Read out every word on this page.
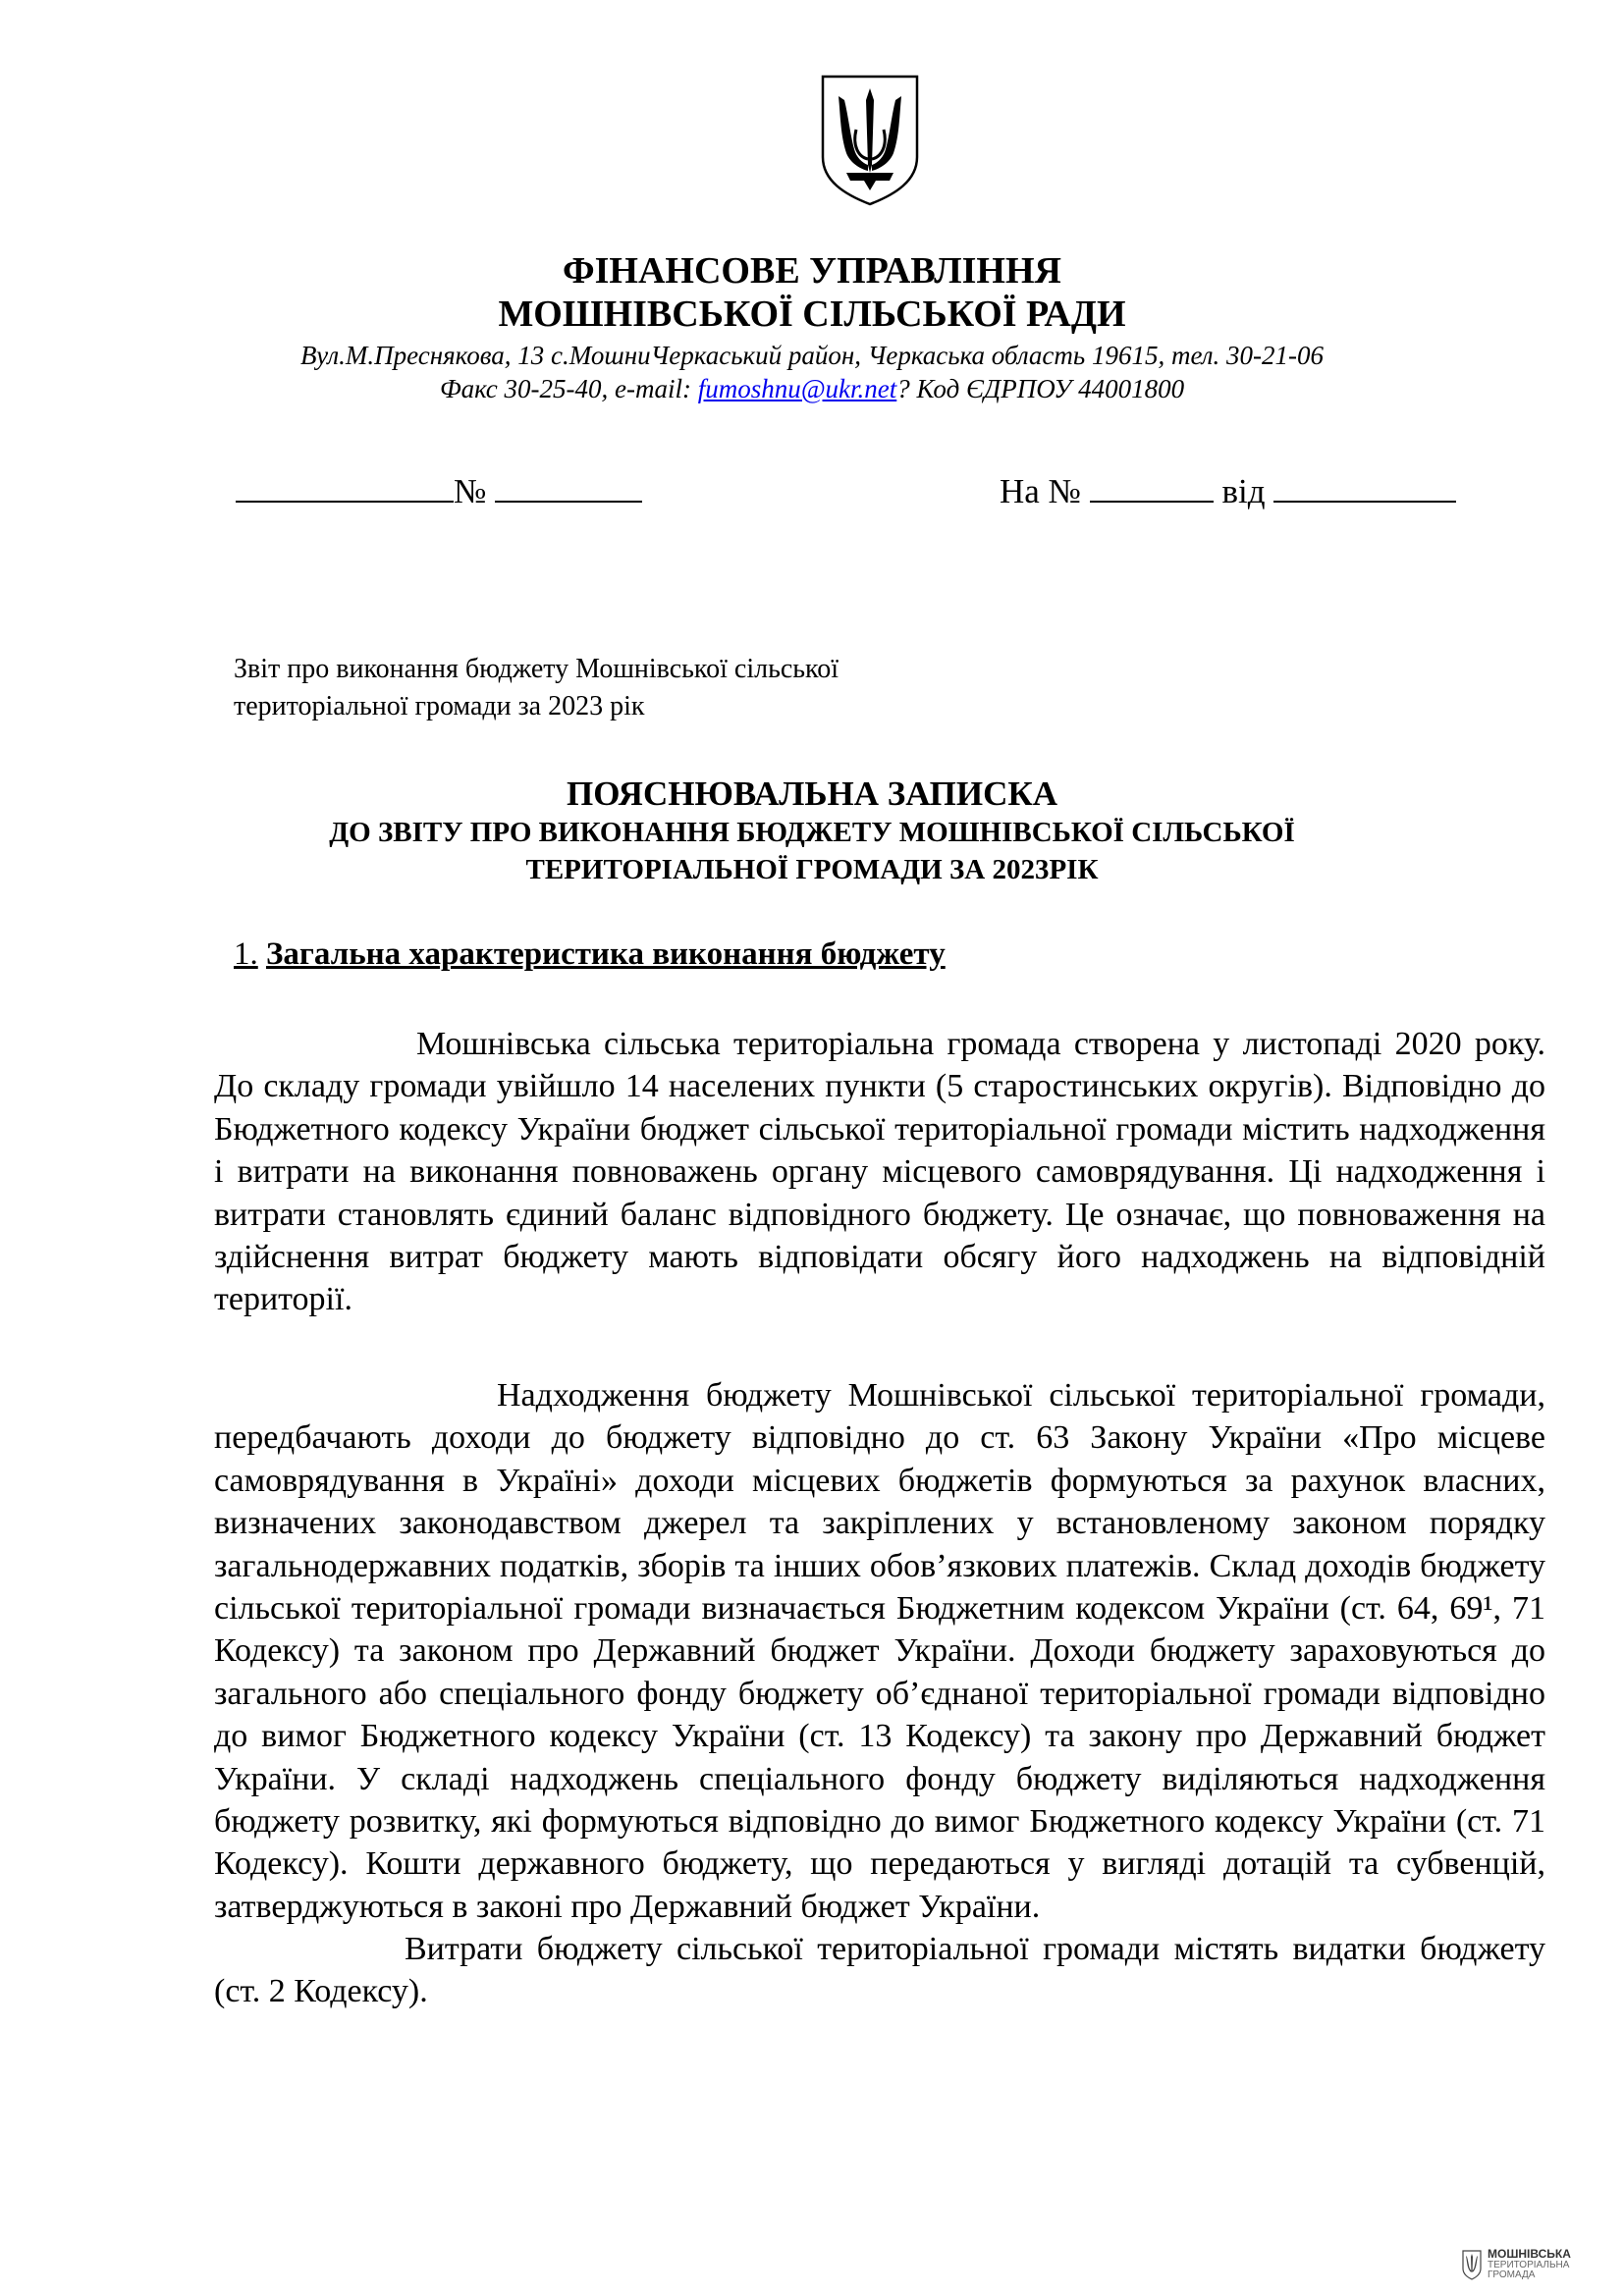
ФІНАНСОВЕ УПРАВЛІННЯ
МОШНІВСЬКОЇ СІЛЬСЬКОЇ РАДИ
Вул.М.Преснякова, 13 с.МошниЧеркаський район, Черкаська область 19615, тел. 30-21-06
Факс 30-25-40, e-mail: fumoshnu@ukr.net? Код ЄДРПОУ 44001800
№	На №	від
Звіт про виконання бюджету Мошнівської сільської
територіальної громади за 2023 рік
ПОЯСНЮВАЛЬНА ЗАПИСКА
ДО ЗВІТУ ПРО ВИКОНАННЯ БЮДЖЕТУ МОШНІВСЬКОЇ СІЛЬСЬКОЇ
ТЕРИТОРІАЛЬНОЇ ГРОМАДИ ЗА 2023РІК
1. Загальна характеристика виконання бюджету
Мошнівська сільська територіальна громада створена у листопаді 2020 року. До складу громади увійшло 14 населених пункти (5 старостинських округів). Відповідно до Бюджетного кодексу України бюджет сільської територіальної громади містить надходження і витрати на виконання повноважень органу місцевого самоврядування. Ці надходження і витрати становлять єдиний баланс відповідного бюджету. Це означає, що повноваження на здійснення витрат бюджету мають відповідати обсягу його надходжень на відповідній території.
Надходження бюджету Мошнівської сільської територіальної громади, передбачають доходи до бюджету відповідно до ст. 63 Закону України «Про місцеве самоврядування в Україні» доходи місцевих бюджетів формуються за рахунок власних, визначених законодавством джерел та закріплених у встановленому законом порядку загальнодержавних податків, зборів та інших обов’язкових платежів. Склад доходів бюджету сільської територіальної громади визначається Бюджетним кодексом України (ст. 64, 69¹, 71 Кодексу) та законом про Державний бюджет України. Доходи бюджету зараховуються до загального або спеціального фонду бюджету об’єднаної територіальної громади відповідно до вимог Бюджетного кодексу України (ст. 13 Кодексу) та закону про Державний бюджет України. У складі надходжень спеціального фонду бюджету виділяються надходження бюджету розвитку, які формуються відповідно до вимог Бюджетного кодексу України (ст. 71 Кодексу). Кошти державного бюджету, що передаються у вигляді дотацій та субвенцій, затверджуються в законі про Державний бюджет України.
Витрати бюджету сільської територіальної громади містять видатки бюджету (ст. 2 Кодексу).
МОШНІВСЬКА
ТЕРИТОРІАЛЬНА
ГРОМАДА
